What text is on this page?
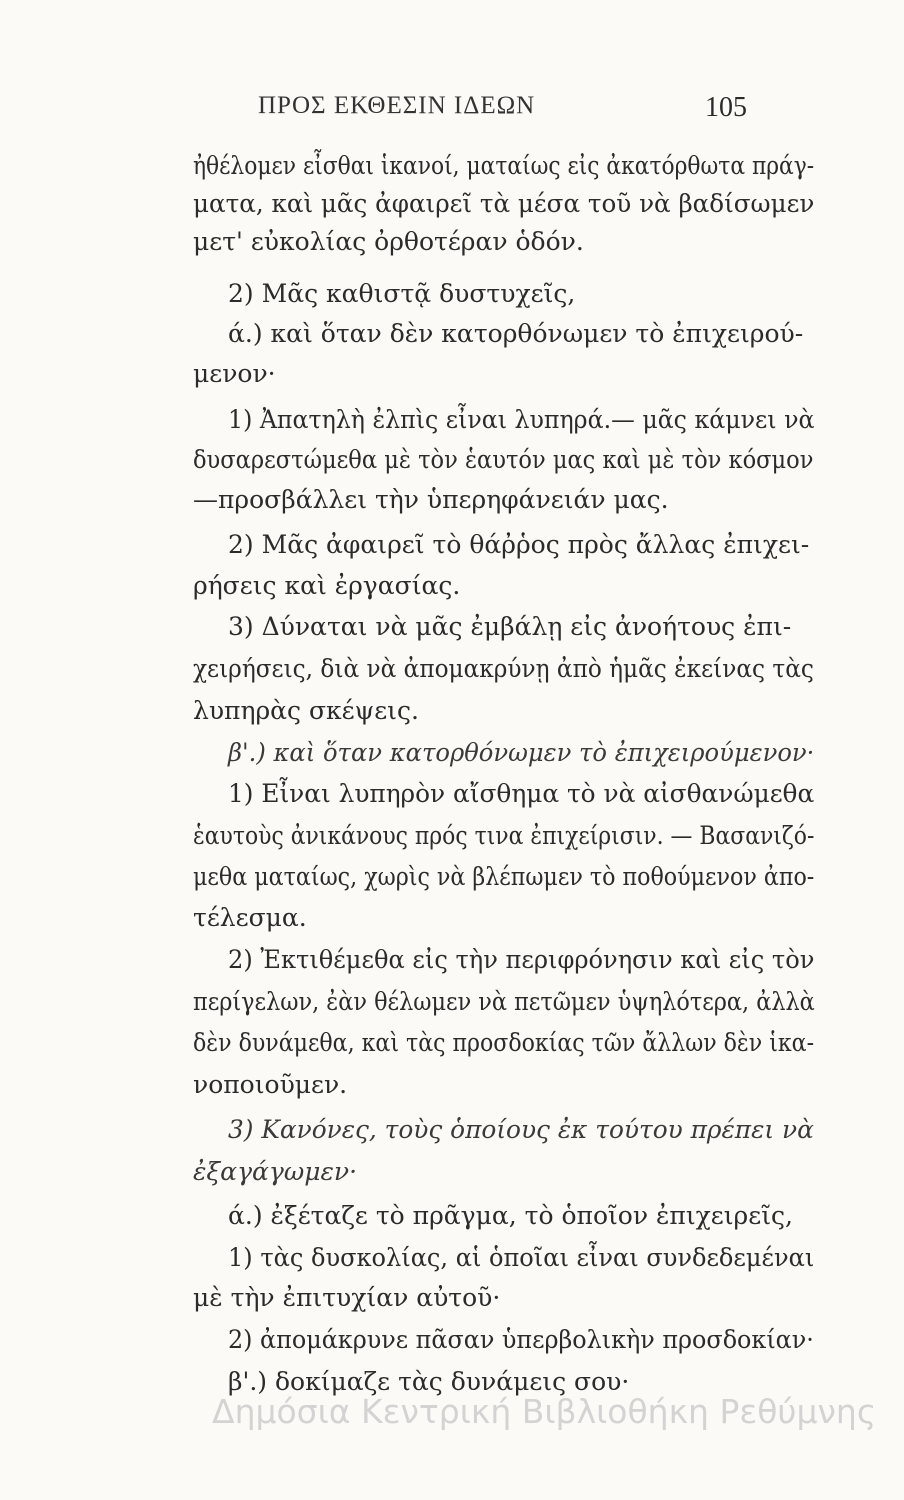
ΠΡΟΣ ΕΚΘΕΣΙΝ ΙΔΕΩΝ	105
ἠθέλομεν εἶσθαι ἱκανοί, ματαίως εἰς ἀκατόρθωτα πράγ-
ματα, καὶ μᾶς ἀφαιρεῖ τὰ μέσα τοῦ νὰ βαδίσωμεν
μετ' εὐκολίας ὀρθοτέραν ὁδόν.
2) Μᾶς καθιστᾷ δυστυχεῖς,
ά.) καὶ ὅταν δὲν κατορθόνωμεν τὸ ἐπιχειρού-
μενον·
1) Ἀπατηλὴ ἐλπὶς εἶναι λυπηρά.— μᾶς κάμνει νὰ
δυσαρεστώμεθα μὲ τὸν ἑαυτόν μας καὶ μὲ τὸν κόσμον
—προσβάλλει τὴν ὑπερηφάνειάν μας.
2) Μᾶς ἀφαιρεῖ τὸ θάῤῥος πρὸς ἄλλας ἐπιχει-
ρήσεις καὶ ἐργασίας.
3) Δύναται νὰ μᾶς ἐμβάλῃ εἰς ἀνοήτους ἐπι-
χειρήσεις, διὰ νὰ ἀπομακρύνῃ ἀπὸ ἡμᾶς ἐκείνας τὰς
λυπηρὰς σκέψεις.
β'.) καὶ ὅταν κατορθόνωμεν τὸ ἐπιχειρούμενον·
1) Εἶναι λυπηρὸν αἴσθημα τὸ νὰ αἰσθανώμεθα
ἑαυτοὺς ἀνικάνους πρός τινα ἐπιχείρισιν. — Βασανιζό-
μεθα ματαίως, χωρὶς νὰ βλέπωμεν τὸ ποθούμενον ἀπο-
τέλεσμα.
2) Ἐκτιθέμεθα εἰς τὴν περιφρόνησιν καὶ εἰς τὸν
περίγελων, ἐὰν θέλωμεν νὰ πετῶμεν ὑψηλότερα, ἀλλὰ
δὲν δυνάμεθα, καὶ τὰς προσδοκίας τῶν ἄλλων δὲν ἱκα-
νοποιοῦμεν.
3) Κανόνες, τοὺς ὁποίους ἐκ τούτου πρέπει νὰ
ἐξαγάγωμεν·
ά.) ἐξέταζε τὸ πρᾶγμα, τὸ ὁποῖον ἐπιχειρεῖς,
1) τὰς δυσκολίας, αἱ ὁποῖαι εἶναι συνδεδεμέναι
μὲ τὴν ἐπιτυχίαν αὐτοῦ·
2) ἀπομάκρυνε πᾶσαν ὑπερβολικὴν προσδοκίαν·
β'.) δοκίμαζε τὰς δυνάμεις σου·
Δημόσια Κεντρική Βιβλιοθήκη Ρεθύμνης
